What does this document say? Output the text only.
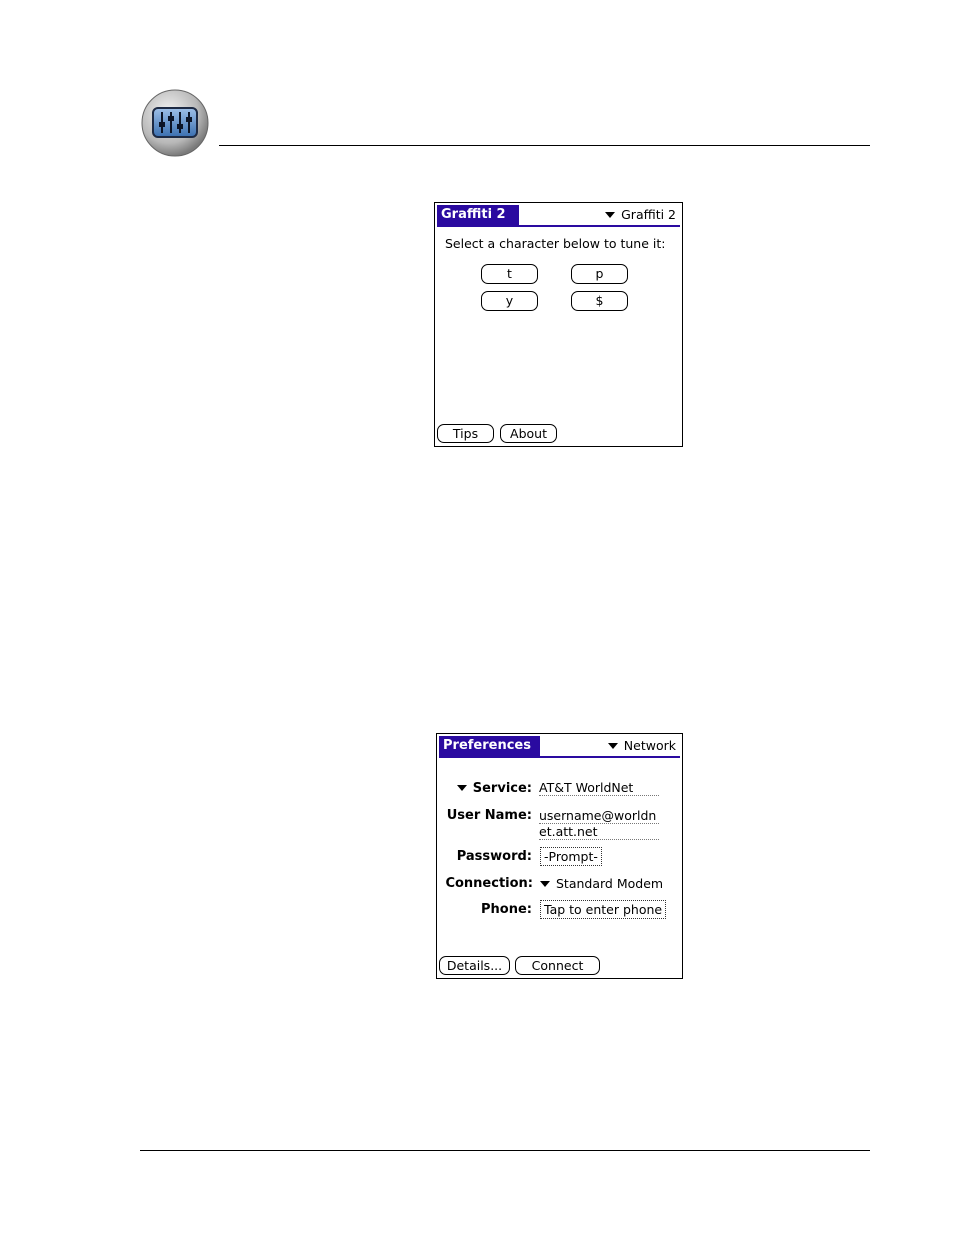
Graffiti 2	Graffiti 2
Select a character below to tune it:
t	p
y	$
Tips	About
Preferences	Network
Service: AT&T WorldNet
User Name: username@worldn
et.att.net
Password: -Prompt-
Connection:	Standard Modem
Phone: Tap to enter phone
Details...	Connect
